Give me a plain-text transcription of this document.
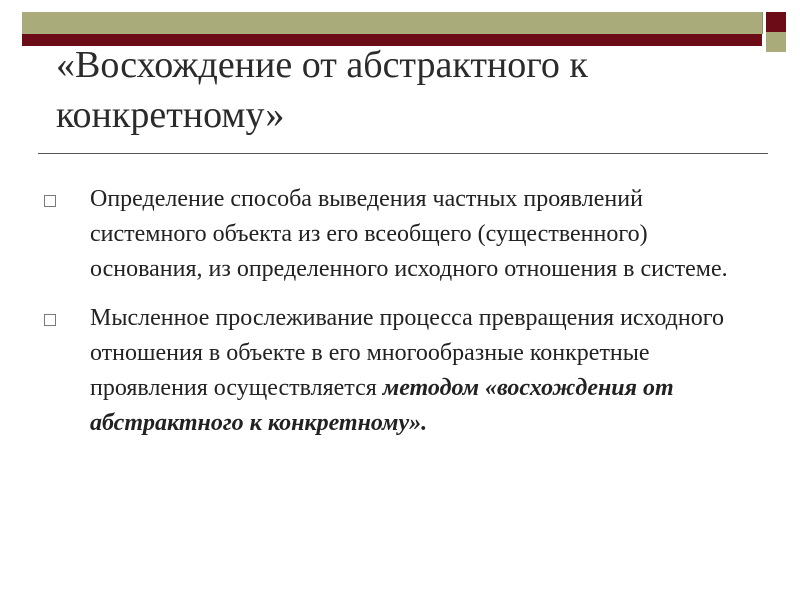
«Восхождение от абстрактного к
конкретному»
Определение способа выведения частных проявлений системного объекта из его всеобщего (существенного) основания, из определенного исходного отношения в системе.
Мысленное прослеживание процесса превращения исходного отношения в объекте в его многообразные конкретные проявления осуществляется методом «восхождения от абстрактного к конкретному».
